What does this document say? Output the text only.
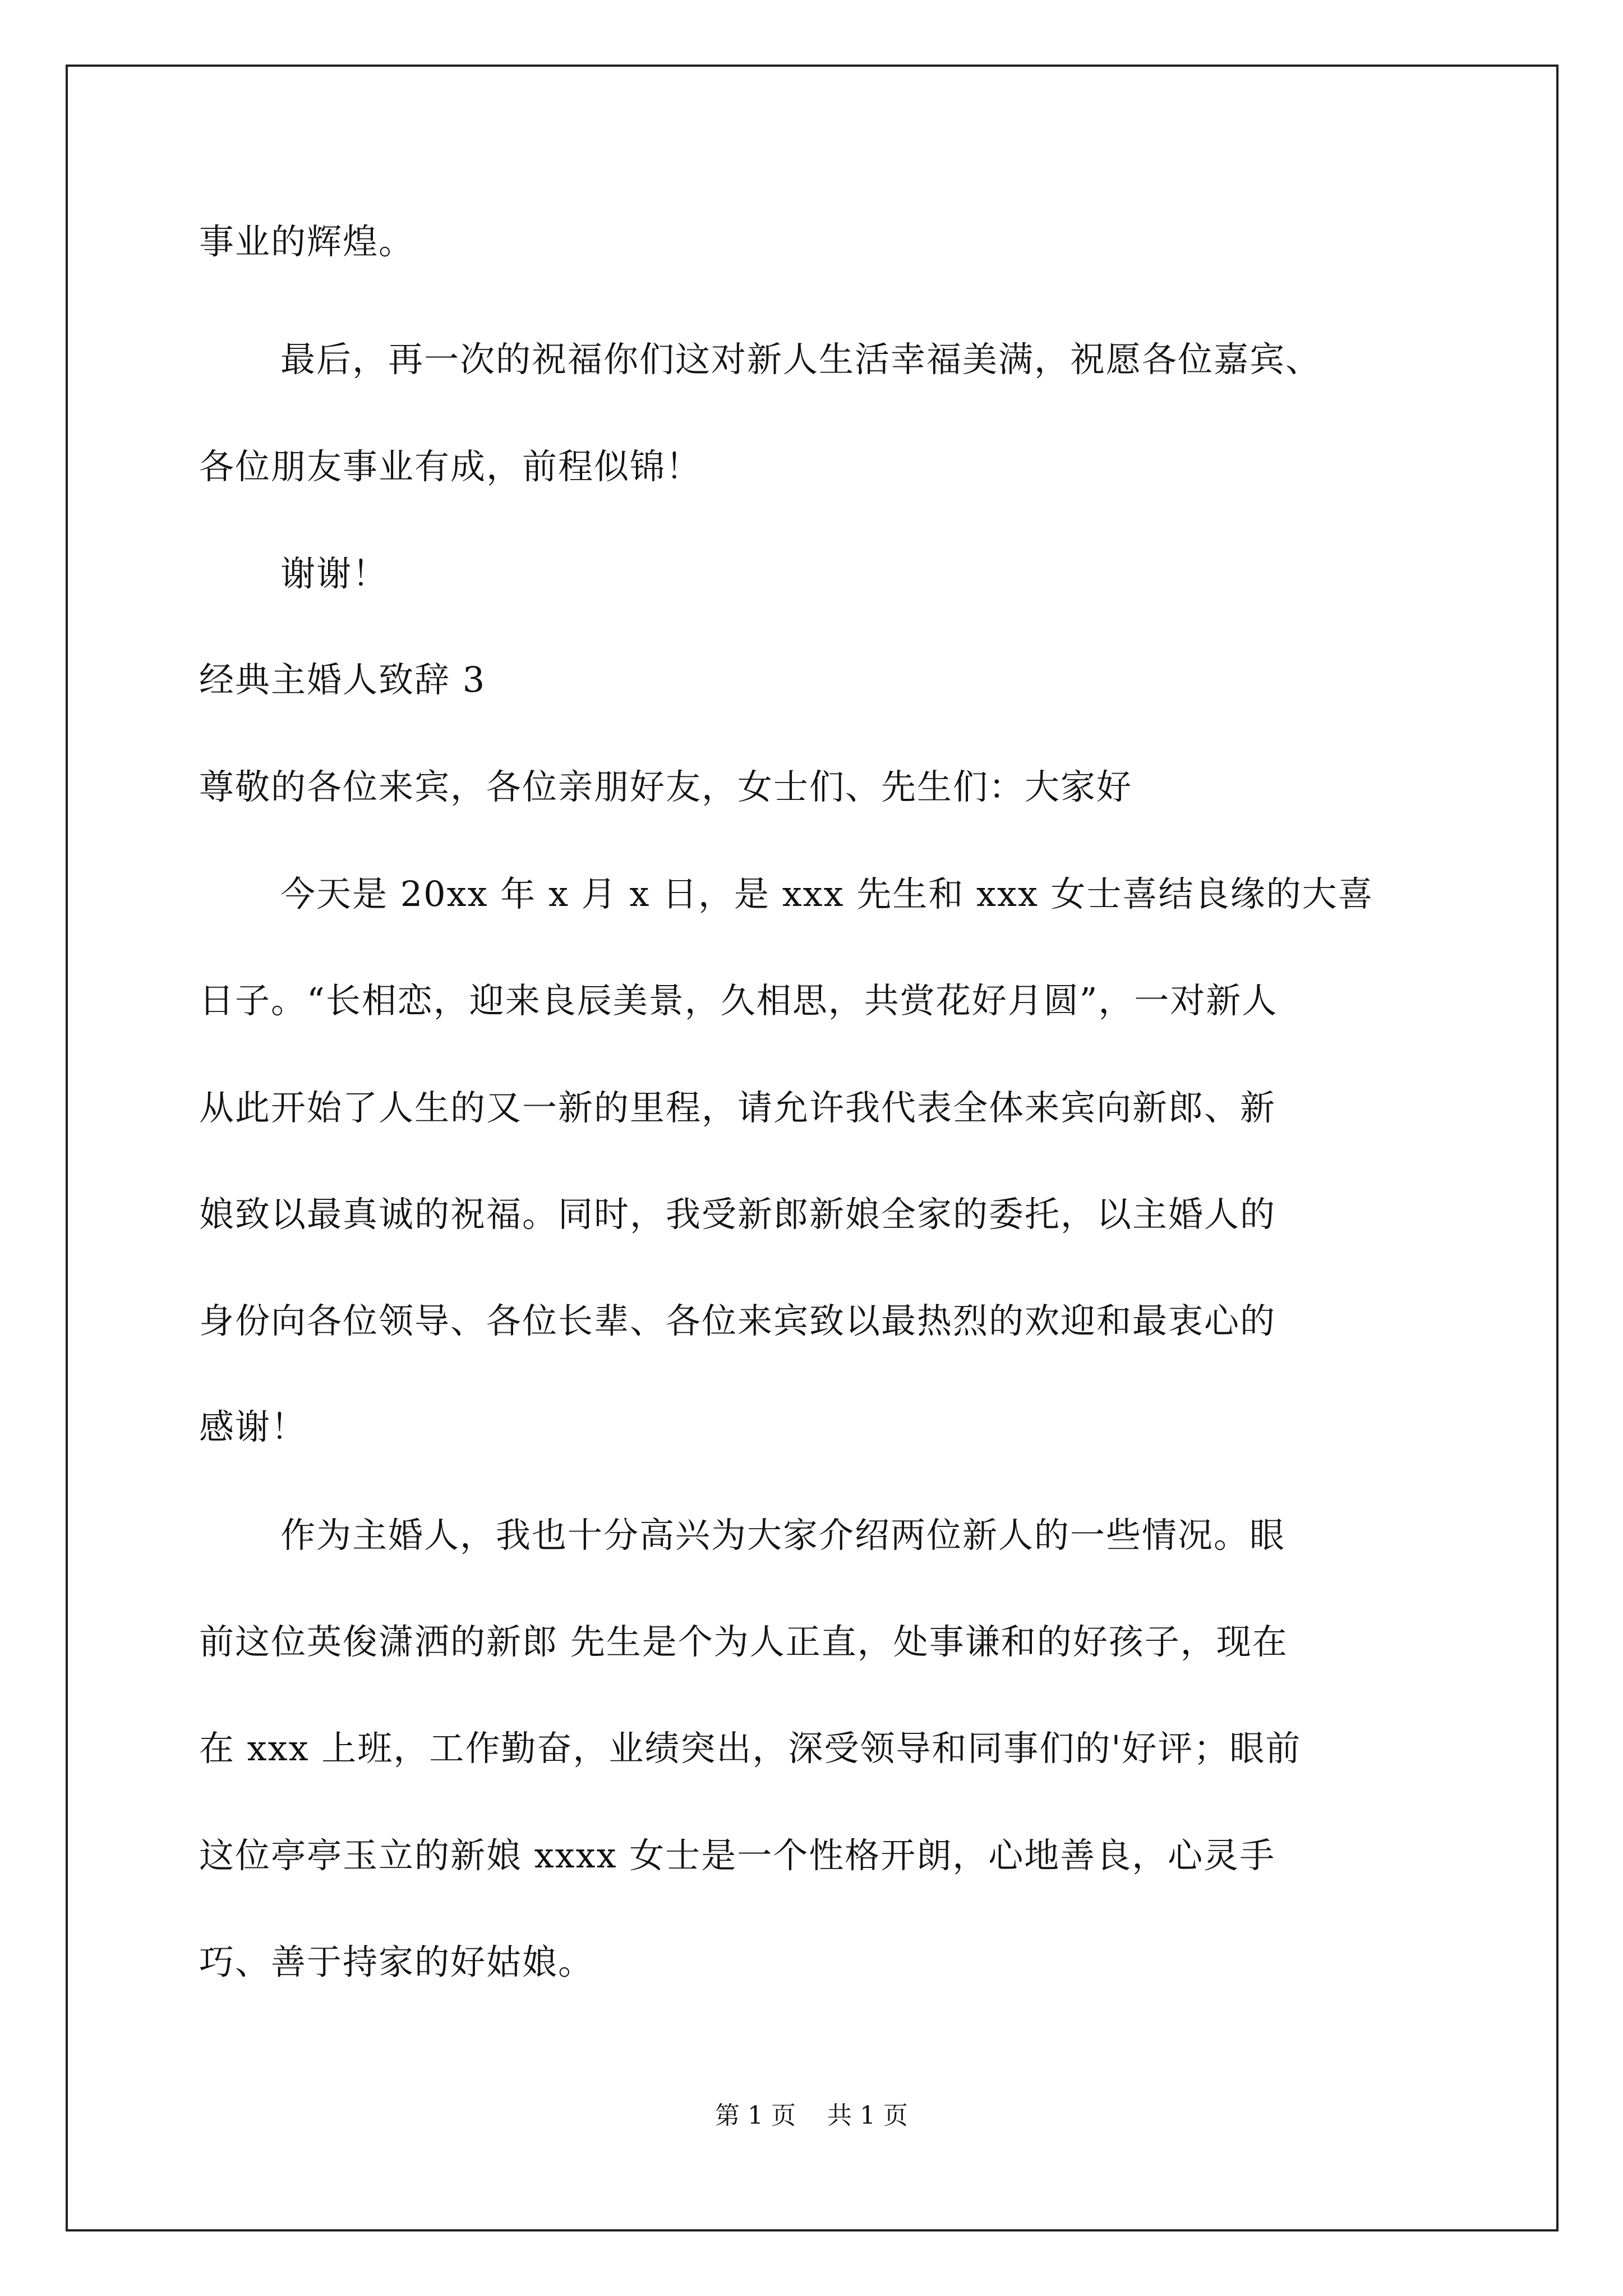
事业的辉煌。
最后，再一次的祝福你们这对新人生活幸福美满，祝愿各位嘉宾、
各位朋友事业有成，前程似锦！
谢谢！
经典主婚人致辞 3
尊敬的各位来宾，各位亲朋好友，女士们、先生们：大家好
今天是 20xx 年 x 月 x 日，是 xxx 先生和 xxx 女士喜结良缘的大喜
日子。“长相恋，迎来良辰美景，久相思，共赏花好月圆”，一对新人
从此开始了人生的又一新的里程，请允许我代表全体来宾向新郎、新
娘致以最真诚的祝福。同时，我受新郎新娘全家的委托，以主婚人的
身份向各位领导、各位长辈、各位来宾致以最热烈的欢迎和最衷心的
感谢！
作为主婚人，我也十分高兴为大家介绍两位新人的一些情况。眼
前这位英俊潇洒的新郎 先生是个为人正直，处事谦和的好孩子，现在
在 xxx 上班，工作勤奋，业绩突出，深受领导和同事们的'好评；眼前
这位亭亭玉立的新娘 xxxx 女士是一个性格开朗，心地善良，心灵手
巧、善于持家的好姑娘。
第 1 页    共 1 页
